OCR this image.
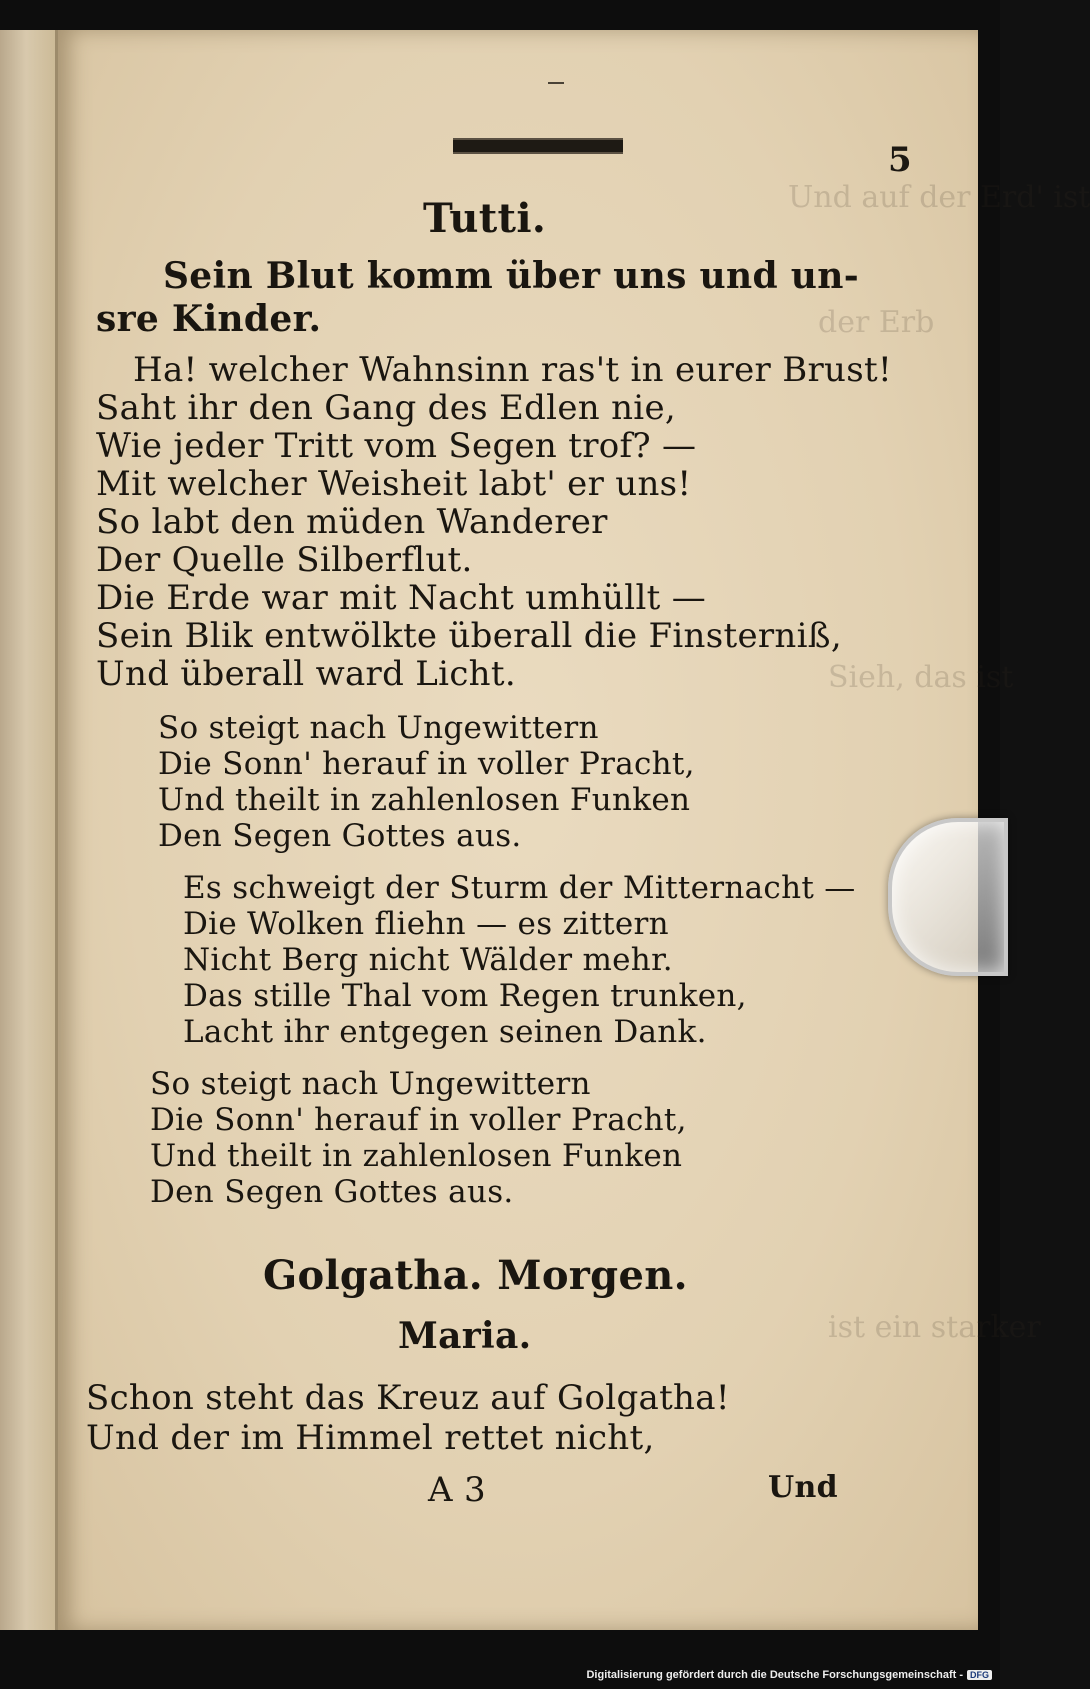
Und auf der Erd' ist
der Erb
Sieh, das ist
ist ein starker
5
Tutti.
Sein Blut komm über uns und un-
sre Kinder.
Ha! welcher Wahnsinn ras't in eurer Brust!
Saht ihr den Gang des Edlen nie,
Wie jeder Tritt vom Segen trof? —
Mit welcher Weisheit labt' er uns!
So labt den müden Wanderer
Der Quelle Silberflut.
Die Erde war mit Nacht umhüllt —
Sein Blik entwölkte überall die Finsterniß,
Und überall ward Licht.
So steigt nach Ungewittern
Die Sonn' herauf in voller Pracht,
Und theilt in zahlenlosen Funken
Den Segen Gottes aus.
Es schweigt der Sturm der Mitternacht —
Die Wolken fliehn — es zittern
Nicht Berg nicht Wälder mehr.
Das stille Thal vom Regen trunken,
Lacht ihr entgegen seinen Dank.
So steigt nach Ungewittern
Die Sonn' herauf in voller Pracht,
Und theilt in zahlenlosen Funken
Den Segen Gottes aus.
Golgatha. Morgen.
Maria.
Schon steht das Kreuz auf Golgatha!
Und der im Himmel rettet nicht,
A 3	Und
Digitalisierung gefördert durch die Deutsche Forschungsgemeinschaft - DFG
